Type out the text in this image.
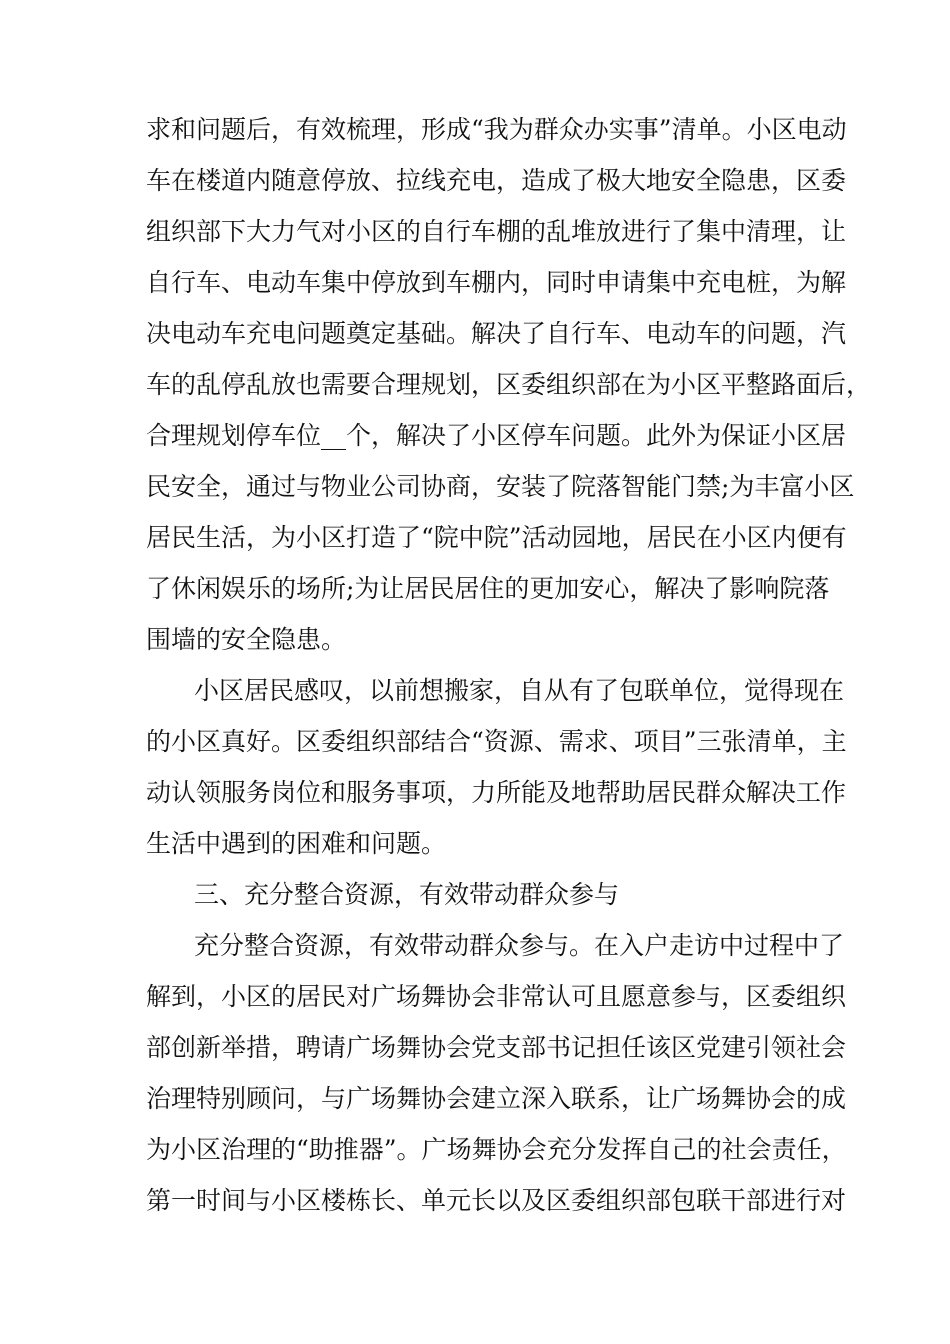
求和问题后，有效梳理，形成“我为群众办实事”清单。小区电动
车在楼道内随意停放、拉线充电，造成了极大地安全隐患，区委
组织部下大力气对小区的自行车棚的乱堆放进行了集中清理，让
自行车、电动车集中停放到车棚内，同时申请集中充电桩，为解
决电动车充电问题奠定基础。解决了自行车、电动车的问题，汽
车的乱停乱放也需要合理规划，区委组织部在为小区平整路面后，
合理规划停车位__个，解决了小区停车问题。此外为保证小区居
民安全，通过与物业公司协商，安装了院落智能门禁;为丰富小区
居民生活，为小区打造了“院中院”活动园地，居民在小区内便有
了休闲娱乐的场所;为让居民居住的更加安心，解决了影响院落
围墙的安全隐患。
小区居民感叹，以前想搬家，自从有了包联单位，觉得现在
的小区真好。区委组织部结合“资源、需求、项目”三张清单，主
动认领服务岗位和服务事项，力所能及地帮助居民群众解决工作
生活中遇到的困难和问题。
三、充分整合资源，有效带动群众参与
充分整合资源，有效带动群众参与。在入户走访中过程中了
解到，小区的居民对广场舞协会非常认可且愿意参与，区委组织
部创新举措，聘请广场舞协会党支部书记担任该区党建引领社会
治理特别顾问，与广场舞协会建立深入联系，让广场舞协会的成
为小区治理的“助推器”。广场舞协会充分发挥自己的社会责任，
第一时间与小区楼栋长、单元长以及区委组织部包联干部进行对
